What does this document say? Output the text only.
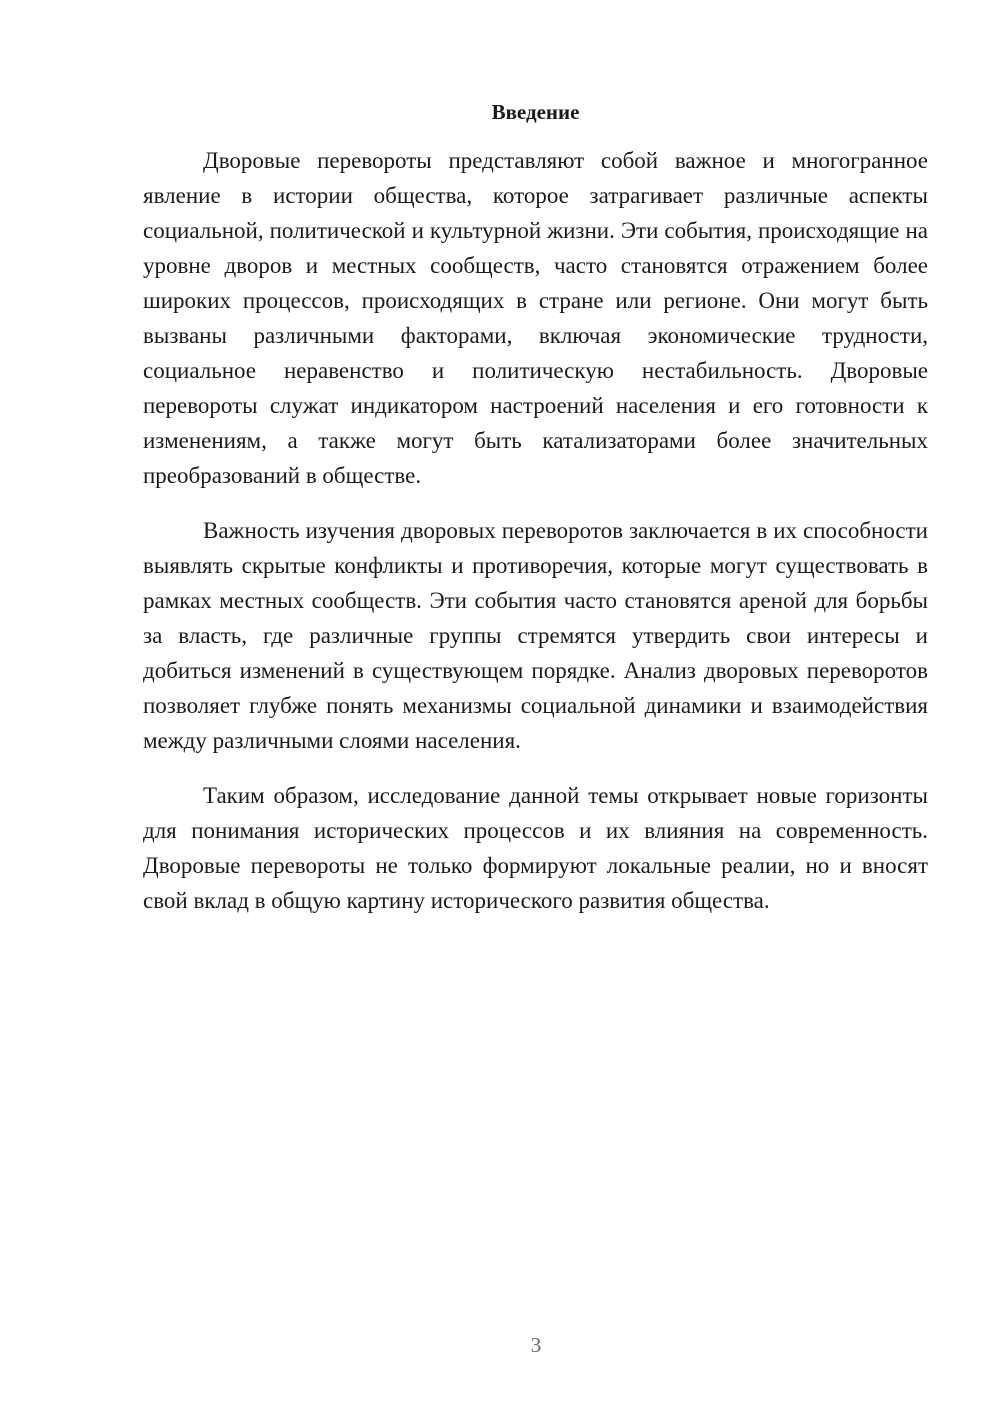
Введение

Дворовые перевороты представляют собой важное и многогранное явление в истории общества, которое затрагивает различные аспекты социальной, политической и культурной жизни. Эти события, происходящие на уровне дворов и местных сообществ, часто становятся отражением более широких процессов, происходящих в стране или регионе. Они могут быть вызваны различными факторами, включая экономические трудности, социальное неравенство и политическую нестабильность. Дворовые перевороты служат индикатором настроений населения и его готовности к изменениям, а также могут быть катализаторами более значительных преобразований в обществе.

Важность изучения дворовых переворотов заключается в их способности выявлять скрытые конфликты и противоречия, которые могут существовать в рамках местных сообществ. Эти события часто становятся ареной для борьбы за власть, где различные группы стремятся утвердить свои интересы и добиться изменений в существующем порядке. Анализ дворовых переворотов позволяет глубже понять механизмы социальной динамики и взаимодействия между различными слоями населения.

Таким образом, исследование данной темы открывает новые горизонты для понимания исторических процессов и их влияния на современность. Дворовые перевороты не только формируют локальные реалии, но и вносят свой вклад в общую картину исторического развития общества.

3
